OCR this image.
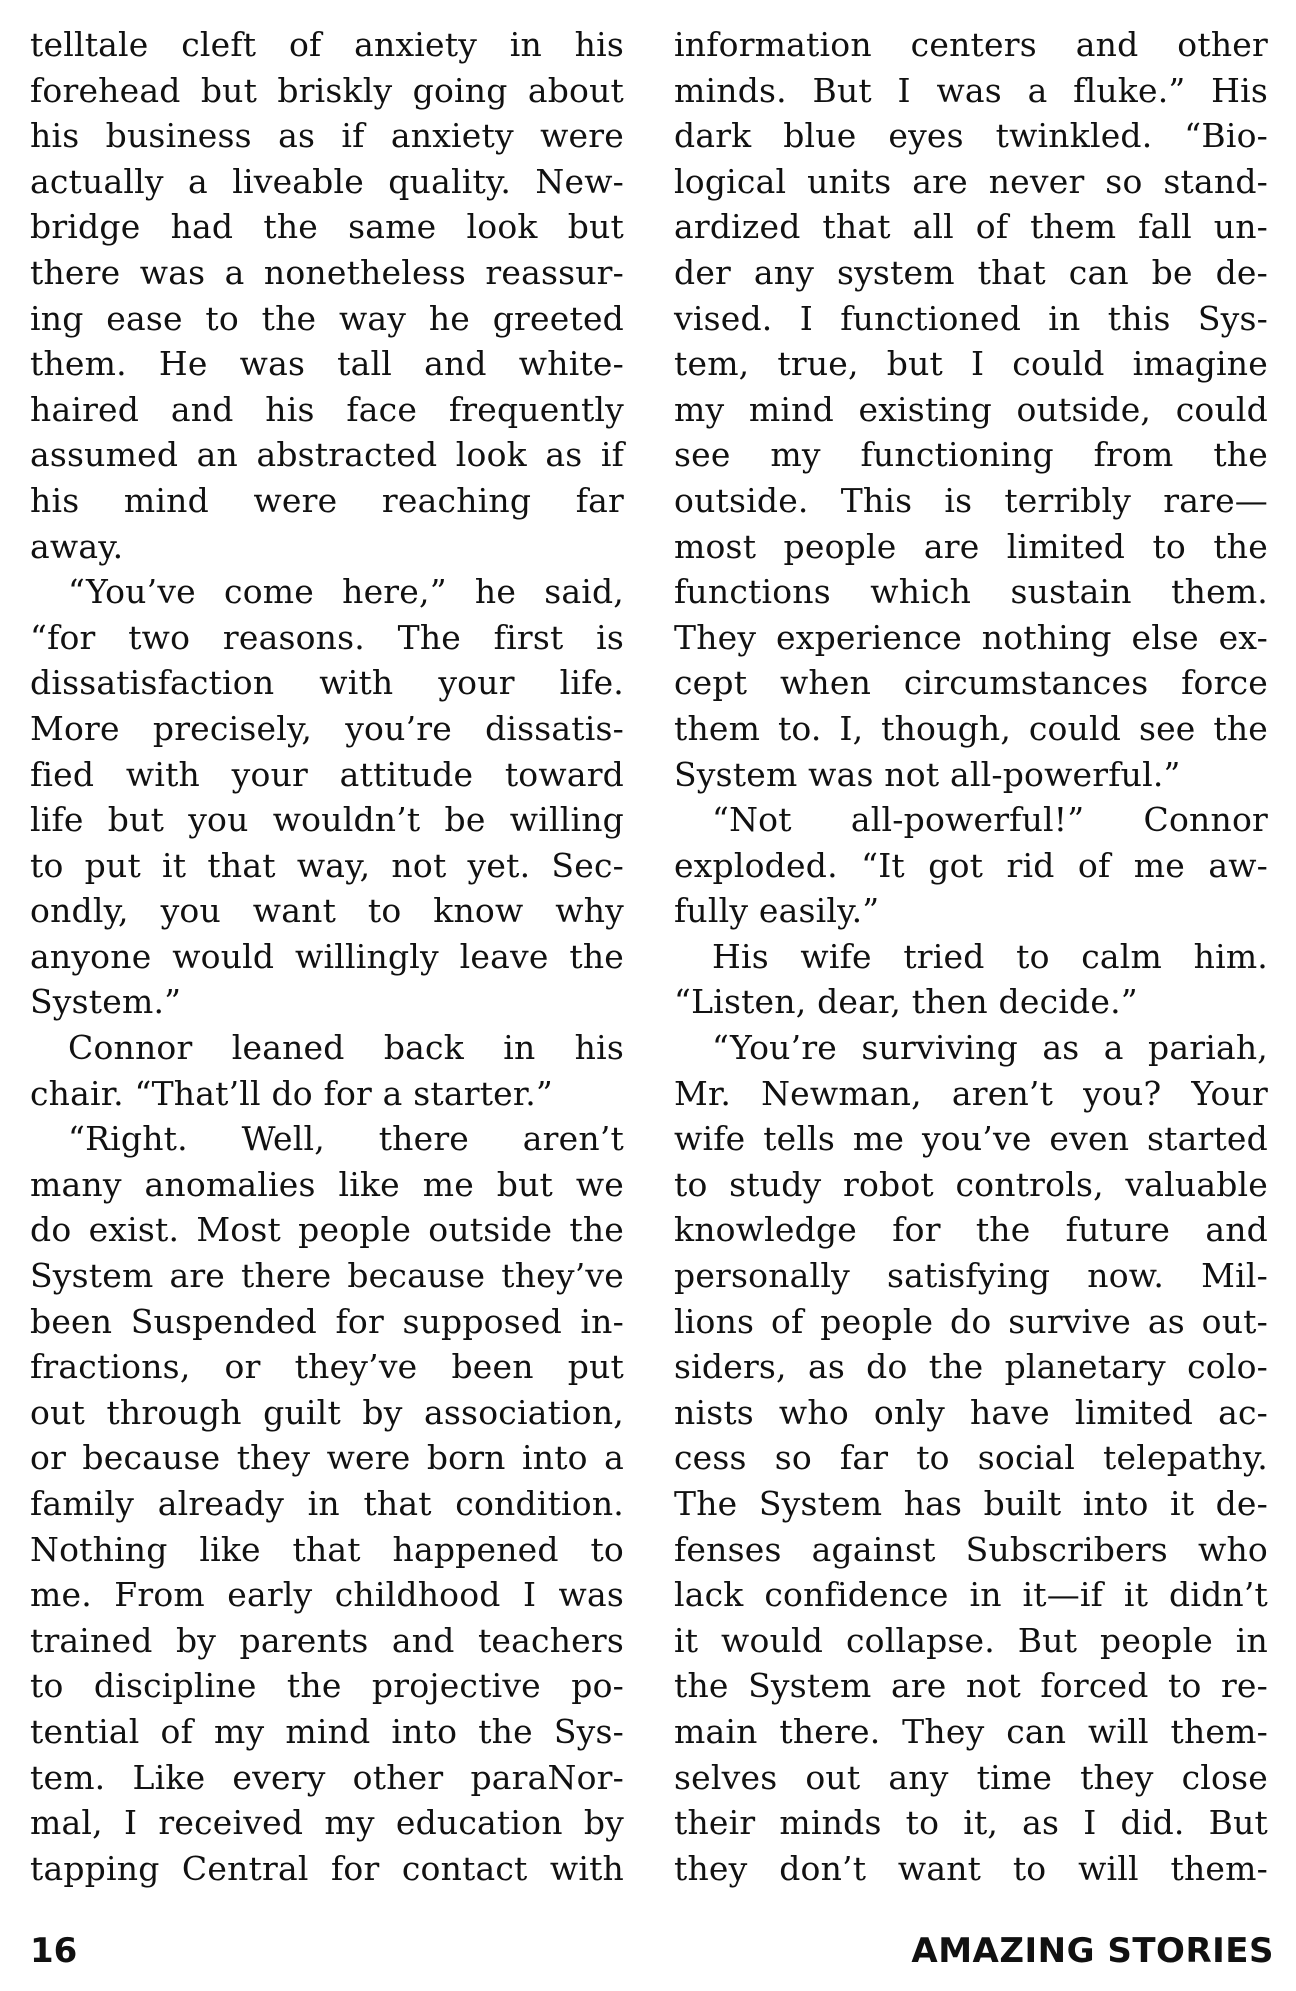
telltale cleft of anxiety in his
forehead but briskly going about
his business as if anxiety were
actually a liveable quality. New-
bridge had the same look but
there was a nonetheless reassur-
ing ease to the way he greeted
them. He was tall and white-
haired and his face frequently
assumed an abstracted look as if
his mind were reaching far
away.
“You’ve come here,” he said,
“for two reasons. The first is
dissatisfaction with your life.
More precisely, you’re dissatis-
fied with your attitude toward
life but you wouldn’t be willing
to put it that way, not yet. Sec-
ondly, you want to know why
anyone would willingly leave the
System.”
Connor leaned back in his
chair. “That’ll do for a starter.”
“Right. Well, there aren’t
many anomalies like me but we
do exist. Most people outside the
System are there because they’ve
been Suspended for supposed in-
fractions, or they’ve been put
out through guilt by association,
or because they were born into a
family already in that condition.
Nothing like that happened to
me. From early childhood I was
trained by parents and teachers
to discipline the projective po-
tential of my mind into the Sys-
tem. Like every other paraNor-
mal, I received my education by
tapping Central for contact with
information centers and other
minds. But I was a fluke.” His
dark blue eyes twinkled. “Bio-
logical units are never so stand-
ardized that all of them fall un-
der any system that can be de-
vised. I functioned in this Sys-
tem, true, but I could imagine
my mind existing outside, could
see my functioning from the
outside. This is terribly rare—
most people are limited to the
functions which sustain them.
They experience nothing else ex-
cept when circumstances force
them to. I, though, could see the
System was not all-powerful.”
“Not all-powerful!” Connor
exploded. “It got rid of me aw-
fully easily.”
His wife tried to calm him.
“Listen, dear, then decide.”
“You’re surviving as a pariah,
Mr. Newman, aren’t you? Your
wife tells me you’ve even started
to study robot controls, valuable
knowledge for the future and
personally satisfying now. Mil-
lions of people do survive as out-
siders, as do the planetary colo-
nists who only have limited ac-
cess so far to social telepathy.
The System has built into it de-
fenses against Subscribers who
lack confidence in it—if it didn’t
it would collapse. But people in
the System are not forced to re-
main there. They can will them-
selves out any time they close
their minds to it, as I did. But
they don’t want to will them-
16	AMAZING STORIES
